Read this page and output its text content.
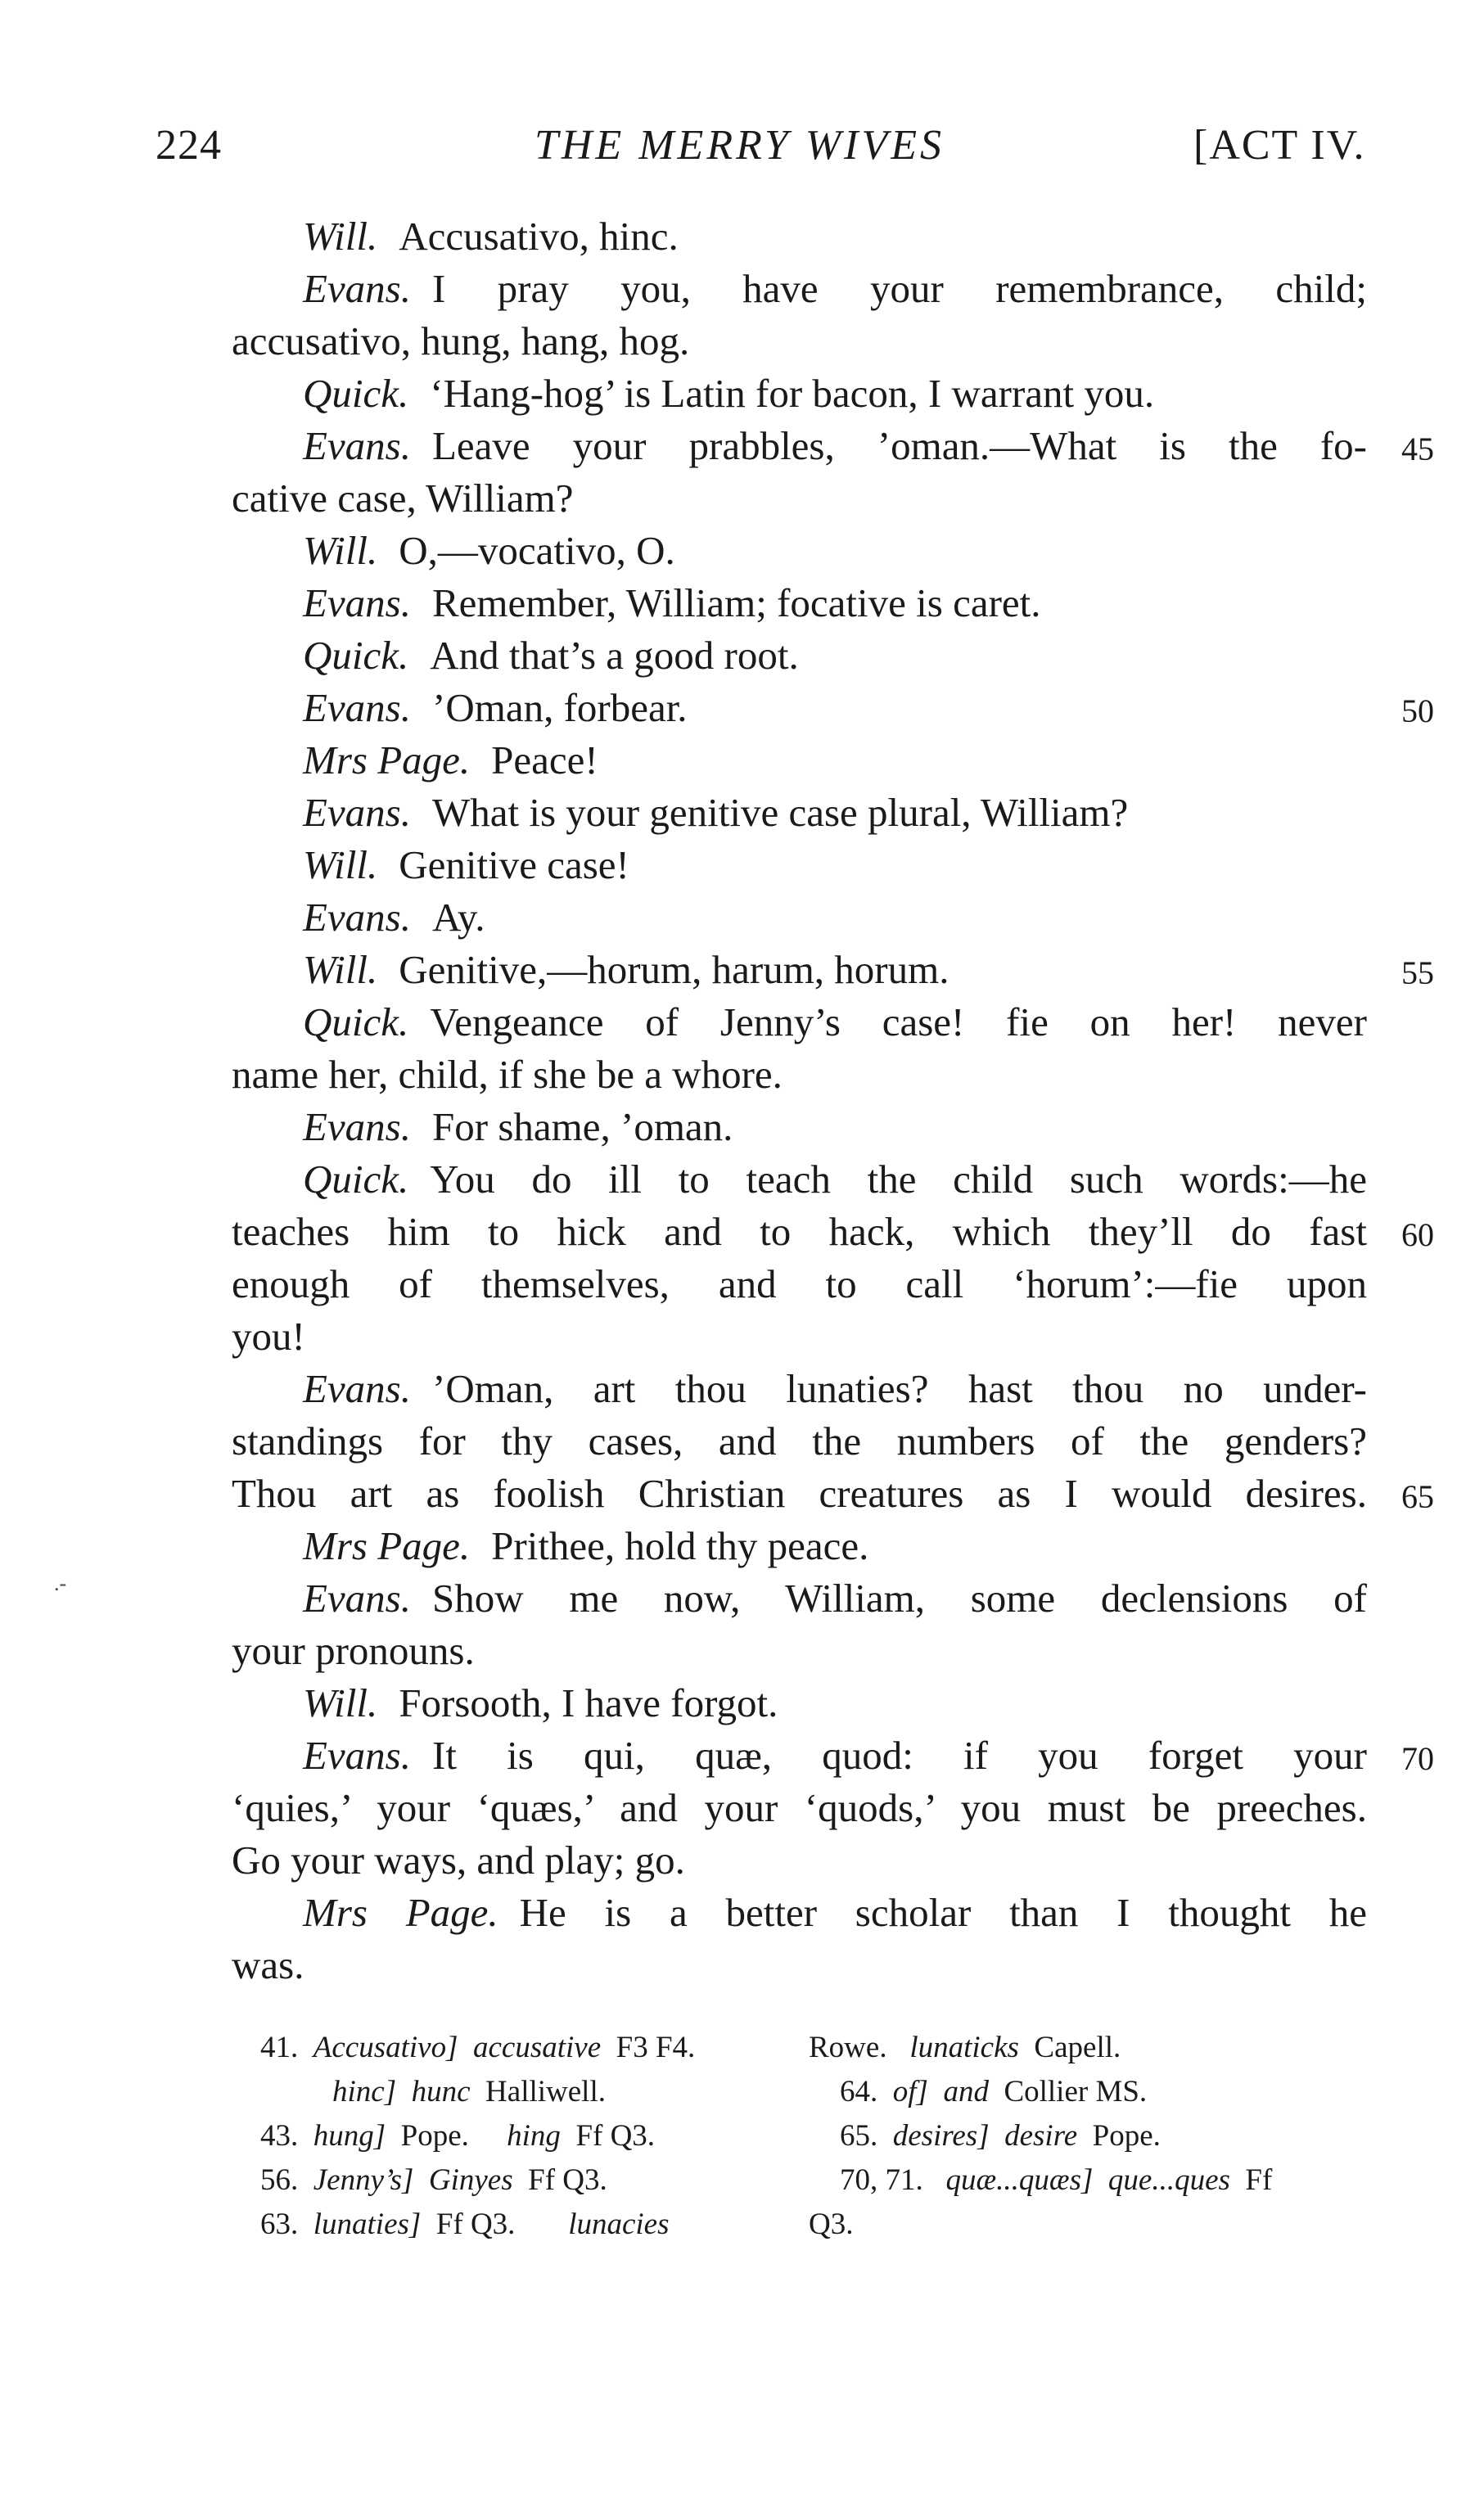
224	THE MERRY WIVES	[ACT IV.
Will. Accusativo, hinc.
Evans. I pray you, have your remembrance, child;
accusativo, hung, hang, hog.
Quick. ‘Hang-hog’ is Latin for bacon, I warrant you.
Evans. Leave your prabbles, ’oman.—What is the fo-
cative case, William?
Will. O,—vocativo, O.
Evans. Remember, William; focative is caret.
Quick. And that’s a good root.
Evans. ’Oman, forbear.
Mrs Page. Peace!
Evans. What is your genitive case plural, William?
Will. Genitive case!
Evans. Ay.
Will. Genitive,—horum, harum, horum.
Quick. Vengeance of Jenny’s case! fie on her! never
name her, child, if she be a whore.
Evans. For shame, ’oman.
Quick. You do ill to teach the child such words:—he
teaches him to hick and to hack, which they’ll do fast
enough of themselves, and to call ‘horum’:—fie upon
you!
Evans. ’Oman, art thou lunaties? hast thou no under-
standings for thy cases, and the numbers of the genders?
Thou art as foolish Christian creatures as I would desires.
Mrs Page. Prithee, hold thy peace.
Evans. Show me now, William, some declensions of
your pronouns.
Will. Forsooth, I have forgot.
Evans. It is qui, quæ, quod: if you forget your
‘quies,’ your ‘quæs,’ and your ‘quods,’ you must be preeches.
Go your ways, and play; go.
Mrs Page. He is a better scholar than I thought he
was.
45
50
55
60
65
70
.‑
41. Accusativo] accusative F3 F4.
hinc] hunc Halliwell.
43. hung] Pope. hing Ff Q3.
56. Jenny’s] Ginyes Ff Q3.
63. lunaties] Ff Q3. lunacies
Rowe. lunaticks Capell.
64. of] and Collier MS.
65. desires] desire Pope.
70, 71. quæ...quæs] que...ques Ff
Q3.
